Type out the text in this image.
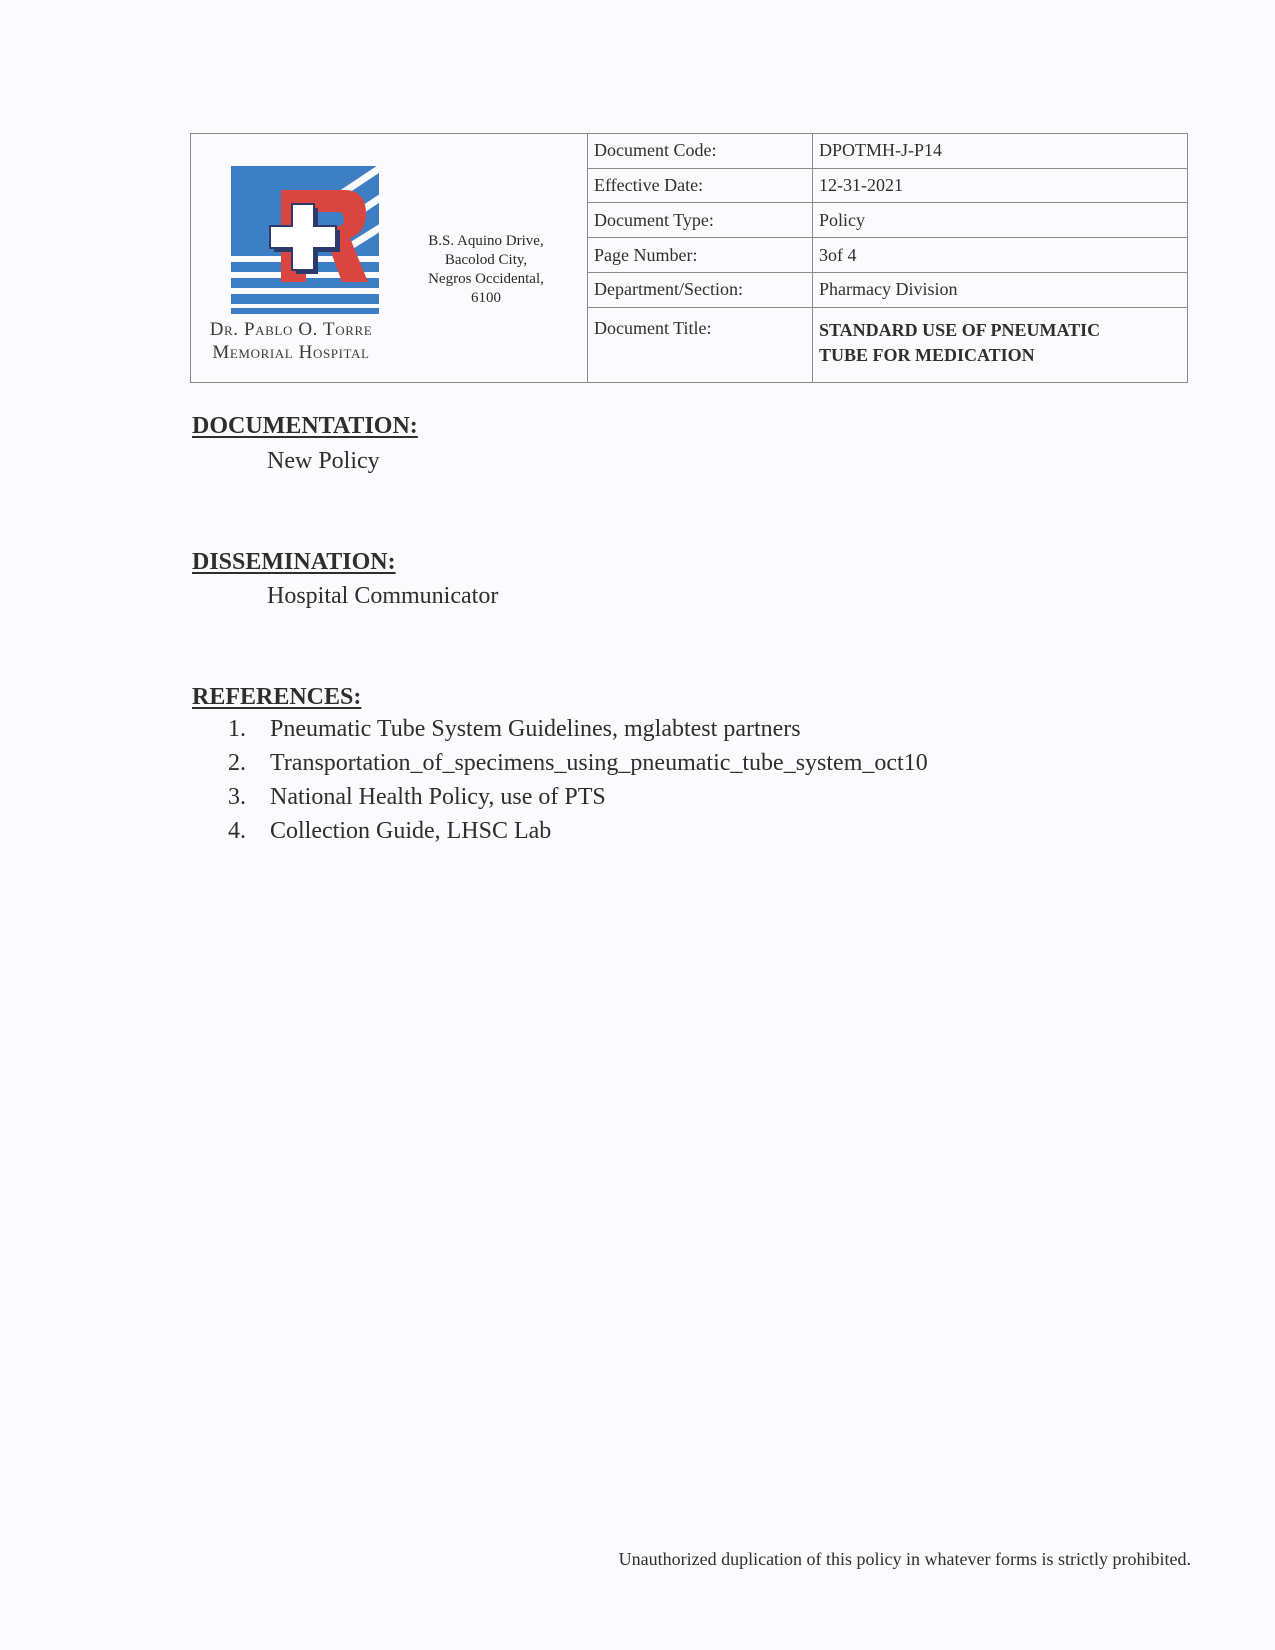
Dr. Pablo O. Torre
Memorial Hospital
B.S. Aquino Drive,
Bacolod City,
Negros Occidental,
6100
Document Code:	DPOTMH-J-P14
Effective Date:	12-31-2021
Document Type:	Policy
Page Number:	3of 4
Department/Section:	Pharmacy Division
Document Title:	STANDARD USE OF PNEUMATIC
TUBE FOR MEDICATION
DOCUMENTATION:
New Policy
DISSEMINATION:
Hospital Communicator
REFERENCES:
1.	Pneumatic Tube System Guidelines, mglabtest partners
2.	Transportation_of_specimens_using_pneumatic_tube_system_oct10
3.	National Health Policy, use of PTS
4.	Collection Guide, LHSC Lab
Unauthorized duplication of this policy in whatever forms is strictly prohibited.
